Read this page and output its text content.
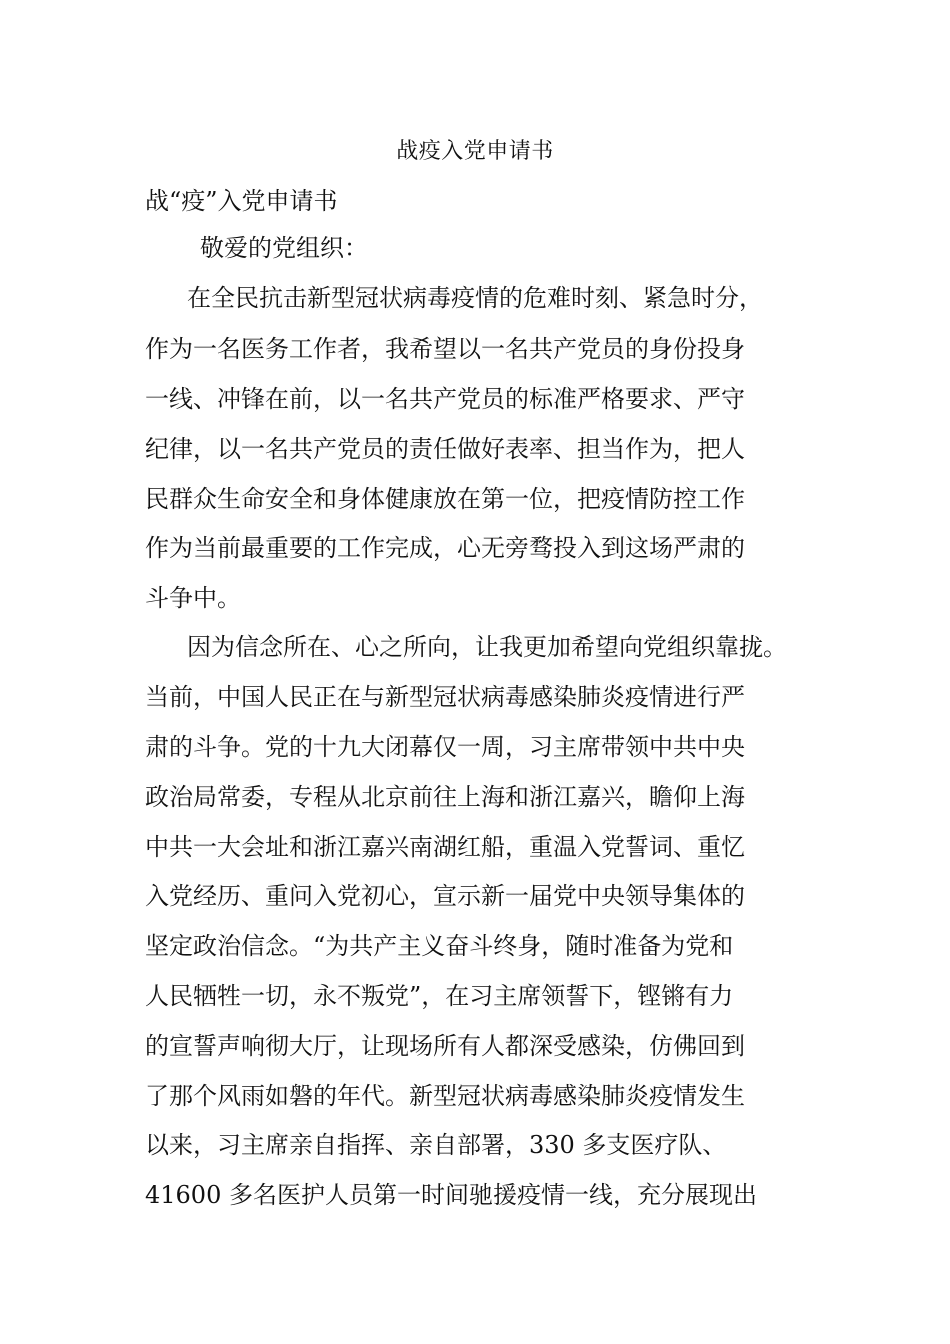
战疫入党申请书
战“疫”入党申请书
敬爱的党组织：
在全民抗击新型冠状病毒疫情的危难时刻、紧急时分，
作为一名医务工作者，我希望以一名共产党员的身份投身
一线、冲锋在前，以一名共产党员的标准严格要求、严守
纪律，以一名共产党员的责任做好表率、担当作为，把人
民群众生命安全和身体健康放在第一位，把疫情防控工作
作为当前最重要的工作完成，心无旁骛投入到这场严肃的
斗争中。
因为信念所在、心之所向，让我更加希望向党组织靠拢。
当前，中国人民正在与新型冠状病毒感染肺炎疫情进行严
肃的斗争。党的十九大闭幕仅一周，习主席带领中共中央
政治局常委，专程从北京前往上海和浙江嘉兴，瞻仰上海
中共一大会址和浙江嘉兴南湖红船，重温入党誓词、重忆
入党经历、重问入党初心，宣示新一届党中央领导集体的
坚定政治信念。“为共产主义奋斗终身，随时准备为党和
人民牺牲一切，永不叛党”，在习主席领誓下，铿锵有力
的宣誓声响彻大厅，让现场所有人都深受感染，仿佛回到
了那个风雨如磐的年代。新型冠状病毒感染肺炎疫情发生
以来，习主席亲自指挥、亲自部署，330 多支医疗队、
41600 多名医护人员第一时间驰援疫情一线，充分展现出
